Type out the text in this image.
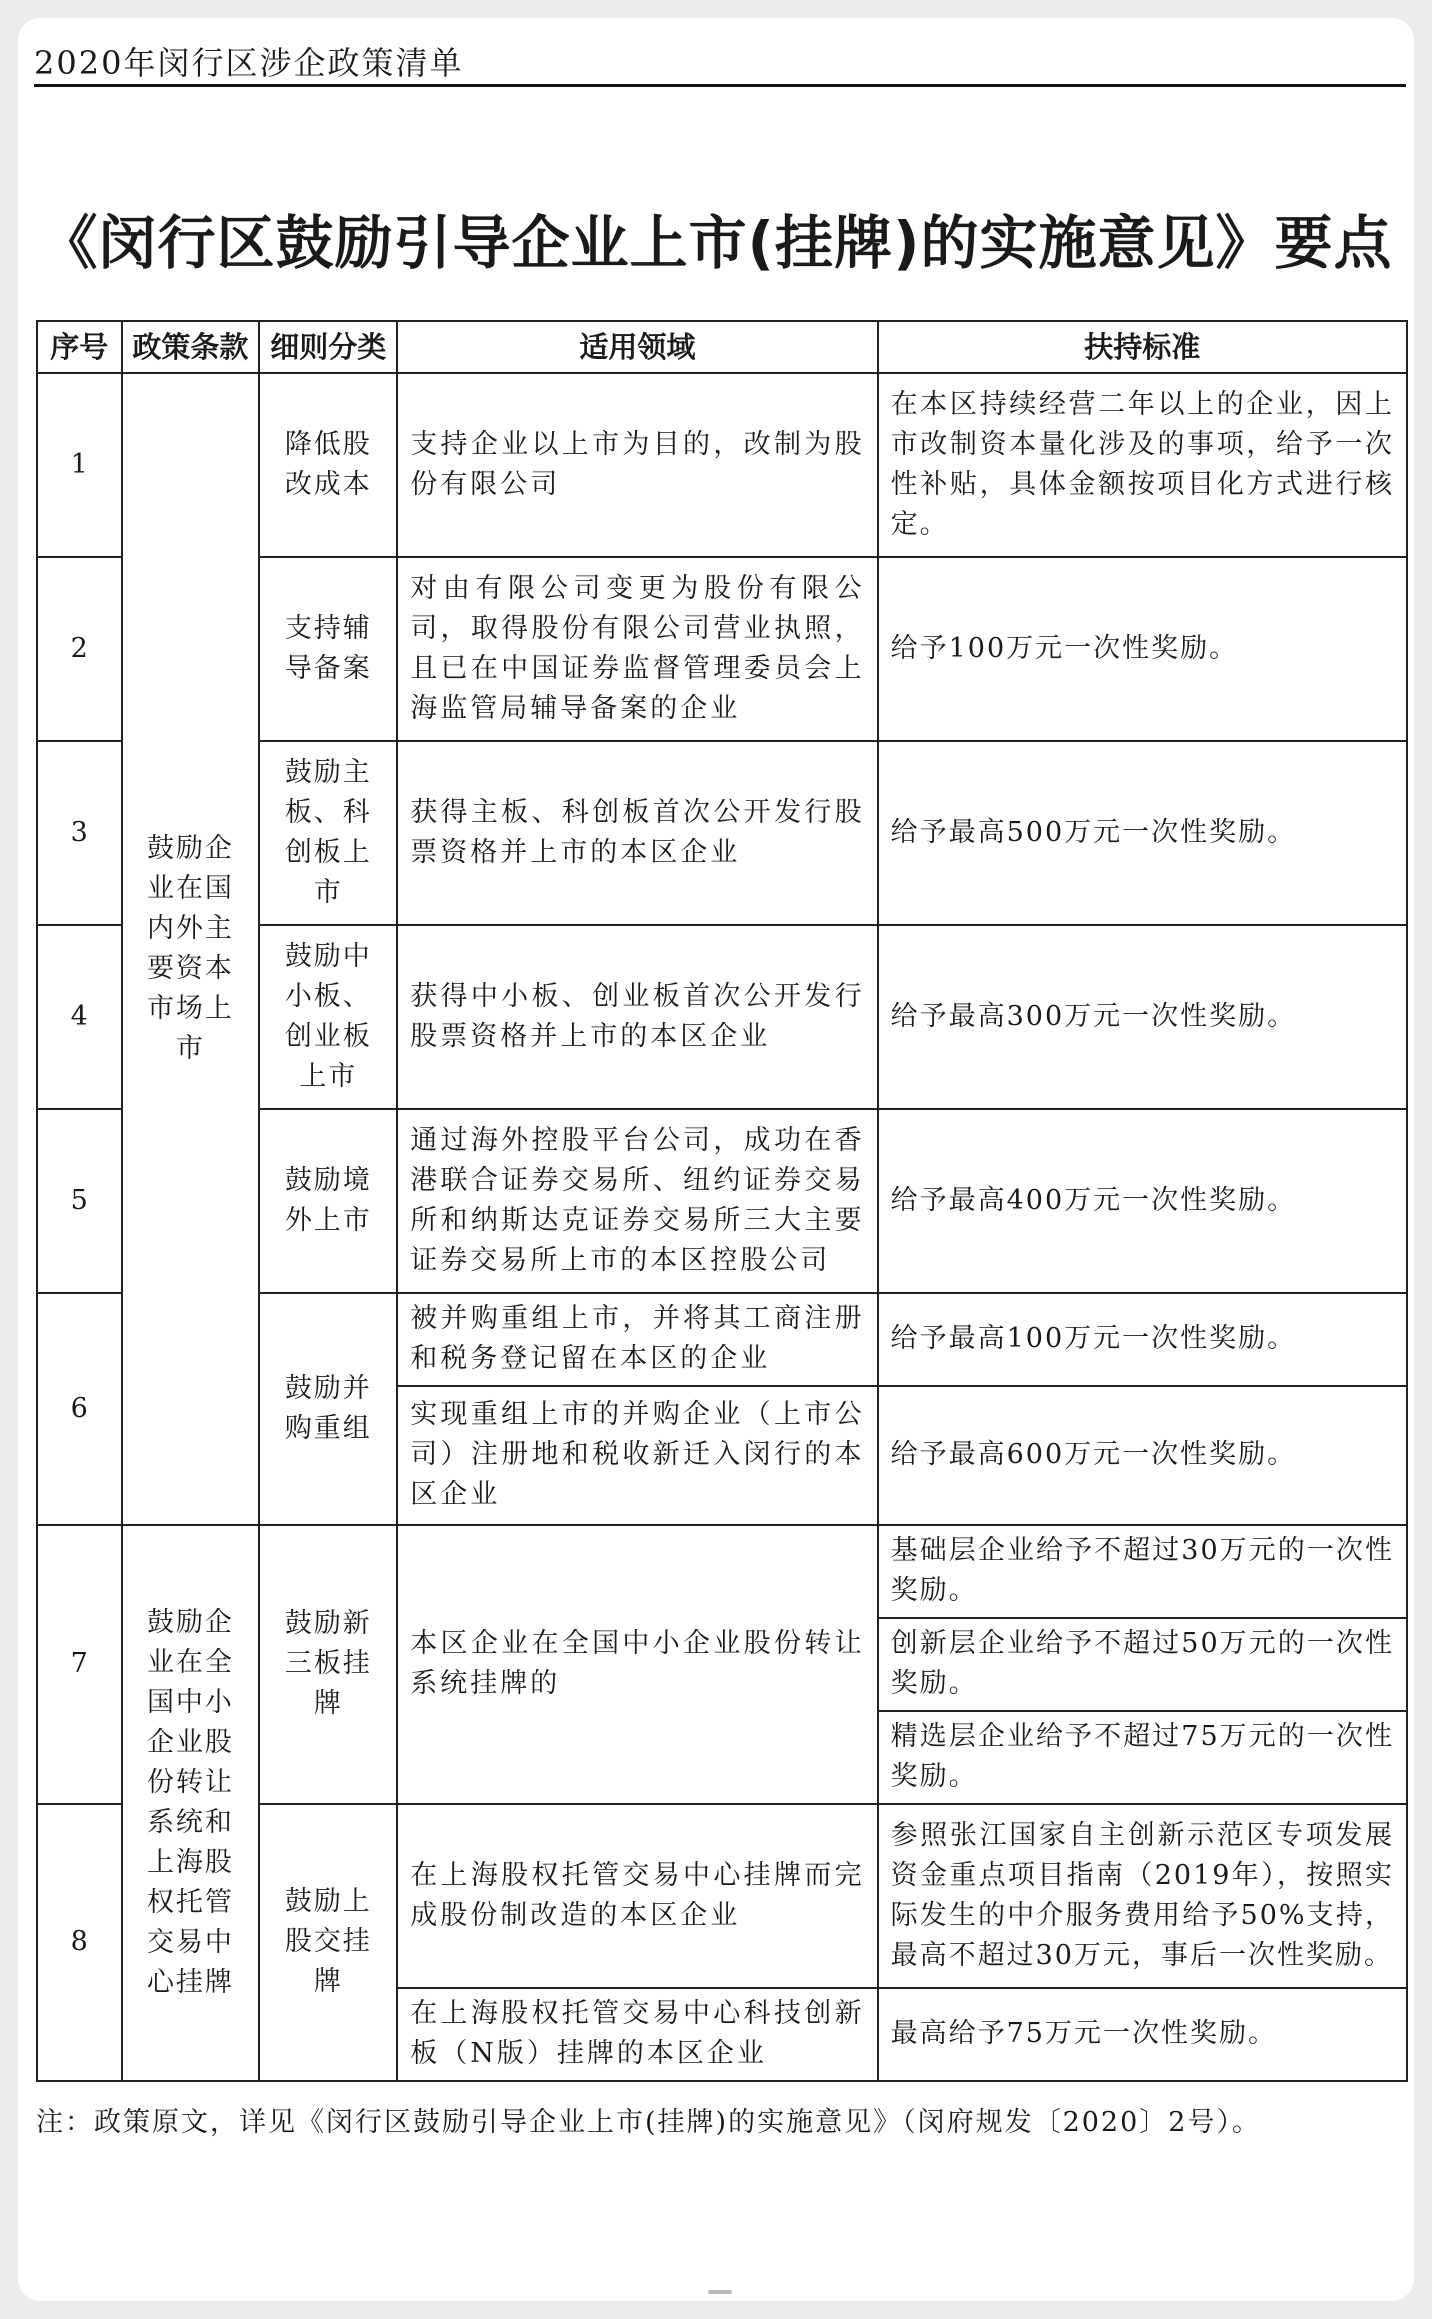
2020年闵行区涉企政策清单
《闵行区鼓励引导企业上市(挂牌)的实施意见》要点
序号	政策条款	细则分类	适用领域	扶持标准
1	鼓励企业在国内外主要资本市场上市	降低股改成本	支持企业以上市为目的，改制为股份有限公司	在本区持续经营二年以上的企业，因上市改制资本量化涉及的事项，给予一次性补贴，具体金额按项目化方式进行核定。
2		支持辅导备案	对由有限公司变更为股份有限公司，取得股份有限公司营业执照，且已在中国证券监督管理委员会上海监管局辅导备案的企业	给予100万元一次性奖励。
3		鼓励主板、科创板上市	获得主板、科创板首次公开发行股票资格并上市的本区企业	给予最高500万元一次性奖励。
4		鼓励中小板、创业板上市	获得中小板、创业板首次公开发行股票资格并上市的本区企业	给予最高300万元一次性奖励。
5		鼓励境外上市	通过海外控股平台公司，成功在香港联合证券交易所、纽约证券交易所和纳斯达克证券交易所三大主要证券交易所上市的本区控股公司	给予最高400万元一次性奖励。
6		鼓励并购重组	被并购重组上市，并将其工商注册和税务登记留在本区的企业	给予最高100万元一次性奖励。
			实现重组上市的并购企业（上市公司）注册地和税收新迁入闵行的本区企业	给予最高600万元一次性奖励。
7	鼓励企业在全国中小企业股份转让系统和上海股权托管交易中心挂牌	鼓励新三板挂牌	本区企业在全国中小企业股份转让系统挂牌的	基础层企业给予不超过30万元的一次性奖励。
				创新层企业给予不超过50万元的一次性奖励。
				精选层企业给予不超过75万元的一次性奖励。
8		鼓励上股交挂牌	在上海股权托管交易中心挂牌而完成股份制改造的本区企业	参照张江国家自主创新示范区专项发展资金重点项目指南（2019年），按照实际发生的中介服务费用给予50%支持，最高不超过30万元，事后一次性奖励。
			在上海股权托管交易中心科技创新板（N版）挂牌的本区企业	最高给予75万元一次性奖励。
注：政策原文，详见《闵行区鼓励引导企业上市(挂牌)的实施意见》（闵府规发〔2020〕2号）。
